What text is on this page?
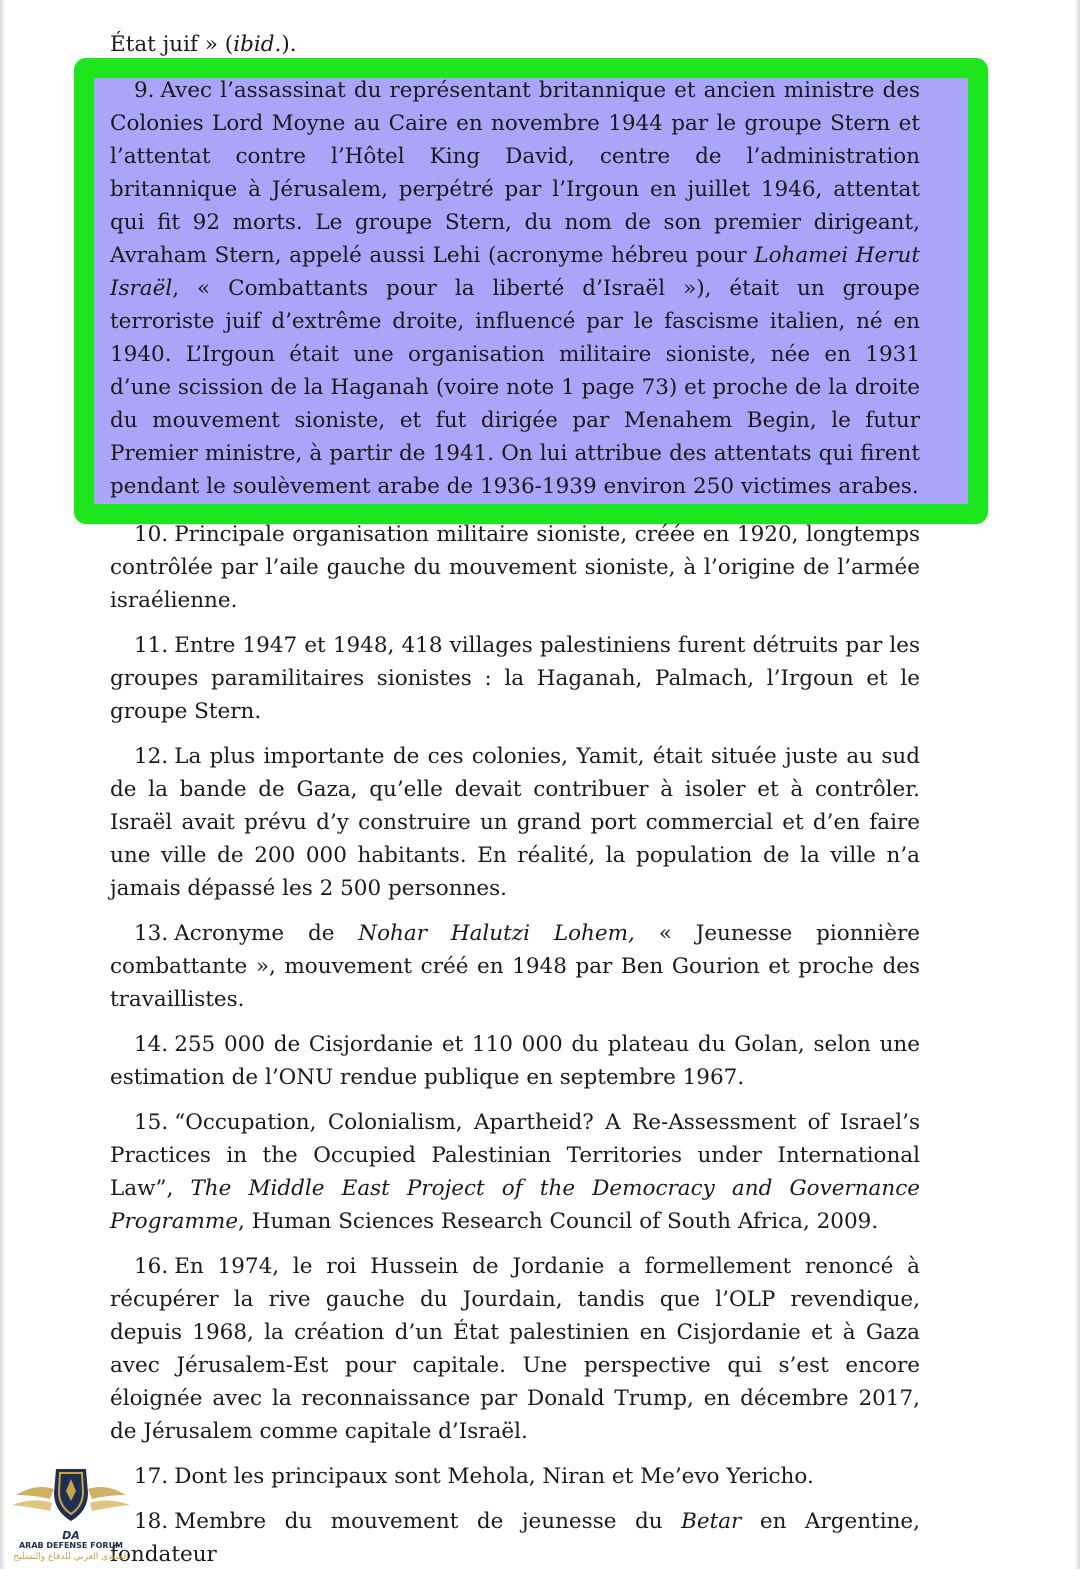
État juif » (ibid.).

9. Avec l’assassinat du représentant britannique et ancien ministre des Colonies Lord Moyne au Caire en novembre 1944 par le groupe Stern et l’attentat contre l’Hôtel King David, centre de l’administration britannique à Jérusalem, perpétré par l’Irgoun en juillet 1946, attentat qui fit 92 morts. Le groupe Stern, du nom de son premier dirigeant, Avraham Stern, appelé aussi Lehi (acronyme hébreu pour Lohamei Herut Israël, « Combattants pour la liberté d’Israël »), était un groupe terroriste juif d’extrême droite, influencé par le fascisme italien, né en 1940. L’Irgoun était une organisation militaire sioniste, née en 1931 d’une scission de la Haganah (voire note 1 page 73) et proche de la droite du mouvement sioniste, et fut dirigée par Menahem Begin, le futur Premier ministre, à partir de 1941. On lui attribue des attentats qui firent pendant le soulèvement arabe de 1936-1939 environ 250 victimes arabes.

10. Principale organisation militaire sioniste, créée en 1920, longtemps contrôlée par l’aile gauche du mouvement sioniste, à l’origine de l’armée israélienne.

11. Entre 1947 et 1948, 418 villages palestiniens furent détruits par les groupes paramilitaires sionistes : la Haganah, Palmach, l’Irgoun et le groupe Stern.

12. La plus importante de ces colonies, Yamit, était située juste au sud de la bande de Gaza, qu’elle devait contribuer à isoler et à contrôler. Israël avait prévu d’y construire un grand port commercial et d’en faire une ville de 200 000 habitants. En réalité, la population de la ville n’a jamais dépassé les 2 500 personnes.

13. Acronyme de Nohar Halutzi Lohem, « Jeunesse pionnière combattante », mouvement créé en 1948 par Ben Gourion et proche des travaillistes.

14. 255 000 de Cisjordanie et 110 000 du plateau du Golan, selon une estimation de l’ONU rendue publique en septembre 1967.

15. “Occupation, Colonialism, Apartheid? A Re-Assessment of Israel’s Practices in the Occupied Palestinian Territories under International Law”, The Middle East Project of the Democracy and Governance Programme, Human Sciences Research Council of South Africa, 2009.

16. En 1974, le roi Hussein de Jordanie a formellement renoncé à récupérer la rive gauche du Jourdain, tandis que l’OLP revendique, depuis 1968, la création d’un État palestinien en Cisjordanie et à Gaza avec Jérusalem-Est pour capitale. Une perspective qui s’est encore éloignée avec la reconnaissance par Donald Trump, en décembre 2017, de Jérusalem comme capitale d’Israël.

17. Dont les principaux sont Mehola, Niran et Me’evo Yericho.

18. Membre du mouvement de jeunesse du Betar en Argentine, fondateur

DA
ARAB DEFENSE FORUM
المنتدى العربي للدفاع والتسليح
